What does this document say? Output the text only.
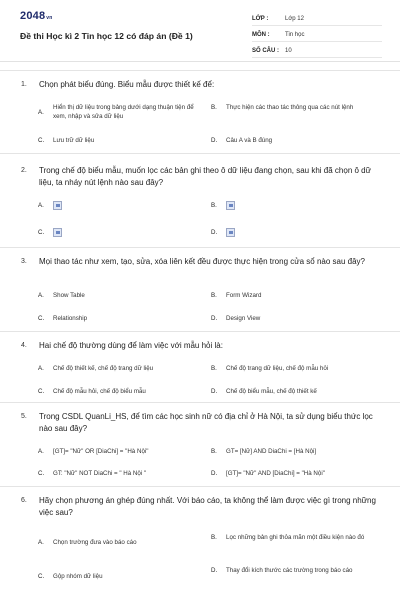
2048vn
Đề thi Học kì 2 Tin học 12 có đáp án (Đề 1)
LỚP :	Lớp 12
MÔN :	Tin học
SỐ CÂU :	10
1. Chọn phát biểu đúng. Biểu mẫu được thiết kế để:
A.
Hiển thị dữ liệu trong bảng dưới dạng thuận tiện để xem, nhập và sửa dữ liệu
B.	Thực hiện các thao tác thông qua các nút lệnh
C.	Lưu trữ dữ liệu	D.	Câu A và B đúng
2. Trong chế độ biểu mẫu, muốn lọc các bản ghi theo ô dữ liệu đang chọn, sau khi đã chọn ô dữ liệu, ta nháy nút lệnh nào sau đây?
A.	B.
C.	D.
3. Mọi thao tác như xem, tạo, sửa, xóa liên kết đều được thực hiện trong cửa sổ nào sau đây?
A.	Show Table	B.	Form Wizard
C.	Relationship	D.	Design View
4. Hai chế độ thường dùng để làm việc với mẫu hỏi là:
A.	Chế độ thiết kế, chế độ trang dữ liệu	B.	Chế độ trang dữ liệu, chế độ mẫu hỏi
C.	Chế độ mẫu hỏi, chế độ biểu mẫu	D.	Chế độ biểu mẫu, chế độ thiết kế
5. Trong CSDL QuanLi_HS, để tìm các học sinh nữ có địa chỉ ở Hà Nội, ta sử dụng biểu thức lọc nào sau đây?
A.	[GT]= "Nữ" OR [DiaChi] = "Hà Nội"	B.	GT= [Nữ] AND DiaChi = [Hà Nội]
C.	GT: "Nữ" NOT DiaChi = " Hà Nội "	D.	[GT]= "Nữ" AND [DiaChi] = "Hà Nội"
6. Hãy chọn phương án ghép đúng nhất. Với báo cáo, ta không thể làm được việc gì trong những việc sau?
A.	Chọn trường đưa vào báo cáo
B.	Lọc những bản ghi thỏa mãn một điều kiện nào đó
C.	Gộp nhóm dữ liệu
D.	Thay đổi kích thước các trường trong báo cáo
